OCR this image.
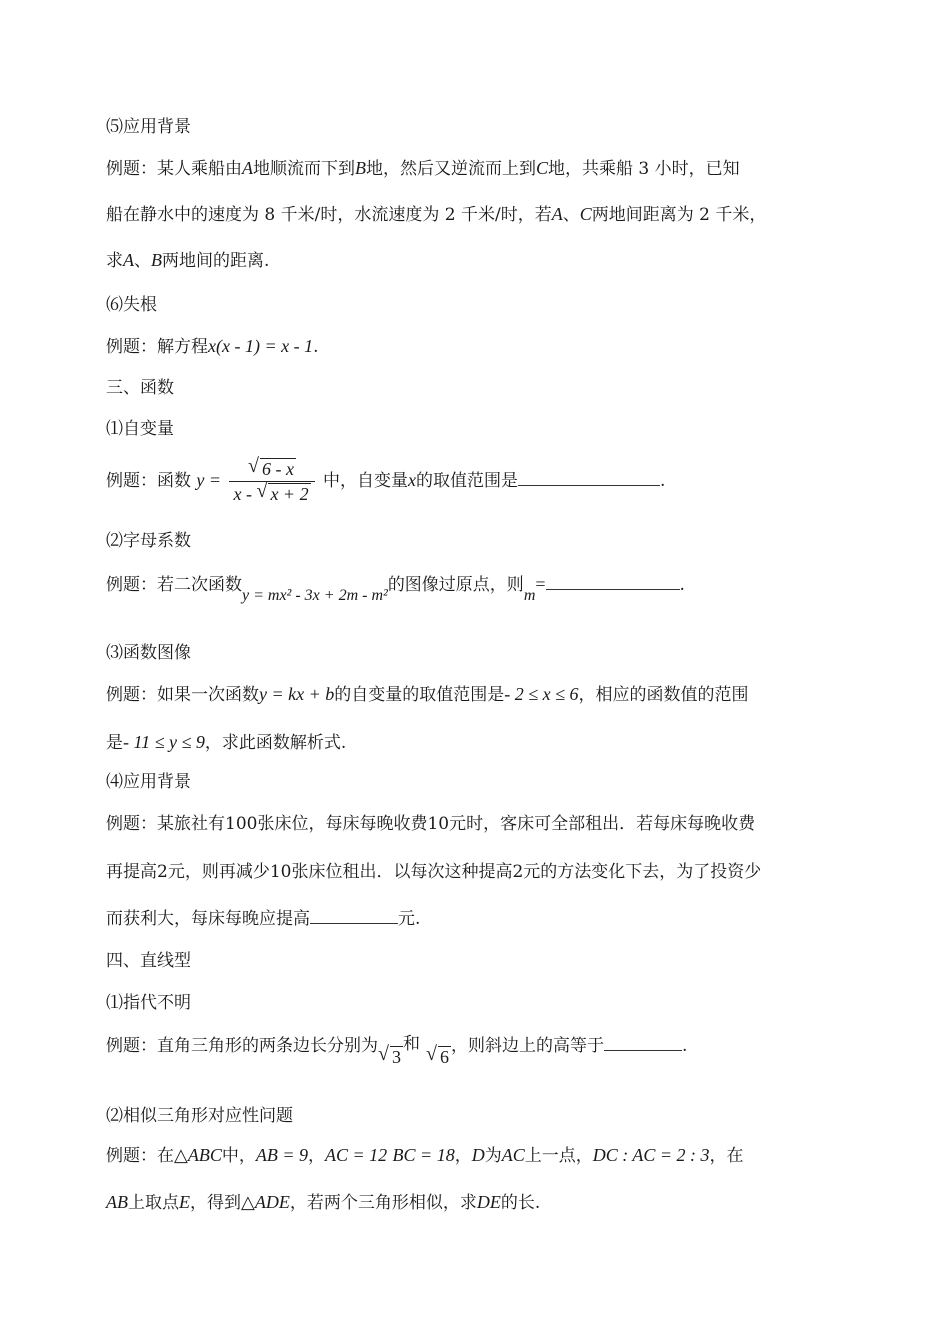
⑸应用背景
例题：某人乘船由A地顺流而下到B地，然后又逆流而上到C地，共乘船 3 小时，已知
船在静水中的速度为 8 千米/时，水流速度为 2 千米/时，若A、C两地间距离为 2 千米，
求A、B两地间的距离.
⑹失根
例题：解方程x(x - 1) = x - 1.
三、函数
⑴自变量
例题：函数 $y = \frac{√ 6 - x}{x - √ x + 2}$ 中，自变量x的取值范围是	.
⑵字母系数
例题：若二次函数y = mx² - 3x + 2m - m²的图像过原点，则m=	.
⑶函数图像
例题：如果一次函数y = kx + b的自变量的取值范围是- 2 ≤ x ≤ 6，相应的函数值的范围
是- 11 ≤ y ≤ 9，求此函数解析式.
⑷应用背景
例题：某旅社有100张床位，每床每晚收费10元时，客床可全部租出．若每床每晚收费
再提高2元，则再减少10张床位租出．以每次这种提高2元的方法变化下去，为了投资少
而获利大，每床每晚应提高	元.
四、直线型
⑴指代不明
例题：直角三角形的两条边长分别为 √ 3和 √ 6，则斜边上的高等于	.
⑵相似三角形对应性问题
例题：在△ABC中，AB = 9，AC = 12 BC = 18，D为AC上一点，DC : AC = 2 : 3，在
AB上取点E，得到△ADE，若两个三角形相似，求DE的长.
